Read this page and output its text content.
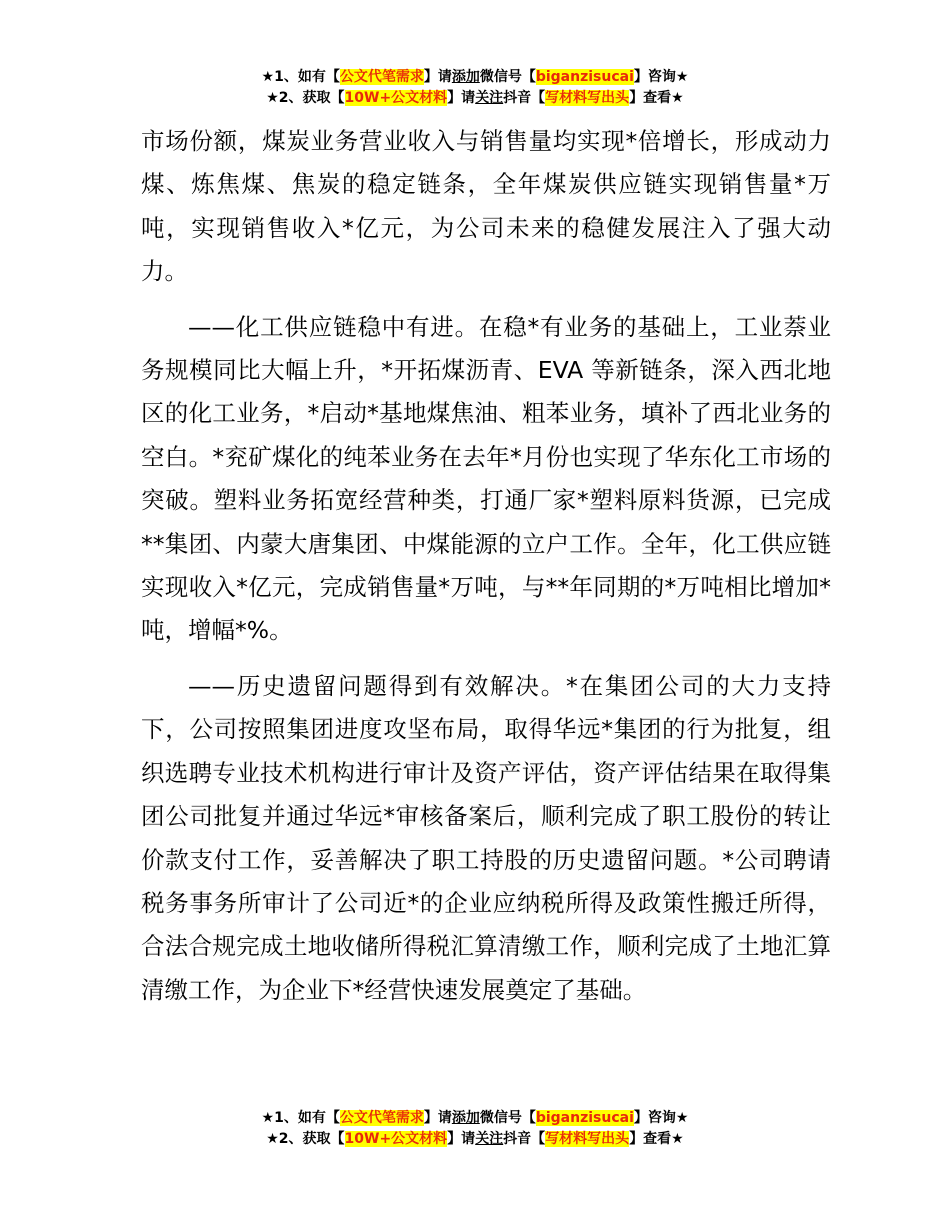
★1、如有【公文代笔需求】请添加微信号【biganzisucai】咨询★
★2、获取【10W+公文材料】请关注抖音【写材料写出头】查看★

市场份额，煤炭业务营业收入与销售量均实现*倍增长，形成动力煤、炼焦煤、焦炭的稳定链条，全年煤炭供应链实现销售量*万吨，实现销售收入*亿元，为公司未来的稳健发展注入了强大动力。

——化工供应链稳中有进。在稳*有业务的基础上，工业萘业务规模同比大幅上升，*开拓煤沥青、EVA 等新链条，深入西北地区的化工业务，*启动*基地煤焦油、粗苯业务，填补了西北业务的空白。*兖矿煤化的纯苯业务在去年*月份也实现了华东化工市场的突破。塑料业务拓宽经营种类，打通厂家*塑料原料货源，已完成**集团、内蒙大唐集团、中煤能源的立户工作。全年，化工供应链实现收入*亿元，完成销售量*万吨，与**年同期的*万吨相比增加*吨，增幅*%。

——历史遗留问题得到有效解决。*在集团公司的大力支持下，公司按照集团进度攻坚布局，取得华远*集团的行为批复，组织选聘专业技术机构进行审计及资产评估，资产评估结果在取得集团公司批复并通过华远*审核备案后，顺利完成了职工股份的转让价款支付工作，妥善解决了职工持股的历史遗留问题。*公司聘请税务事务所审计了公司近*的企业应纳税所得及政策性搬迁所得，合法合规完成土地收储所得税汇算清缴工作，顺利完成了土地汇算清缴工作，为企业下*经营快速发展奠定了基础。

★1、如有【公文代笔需求】请添加微信号【biganzisucai】咨询★
★2、获取【10W+公文材料】请关注抖音【写材料写出头】查看★
